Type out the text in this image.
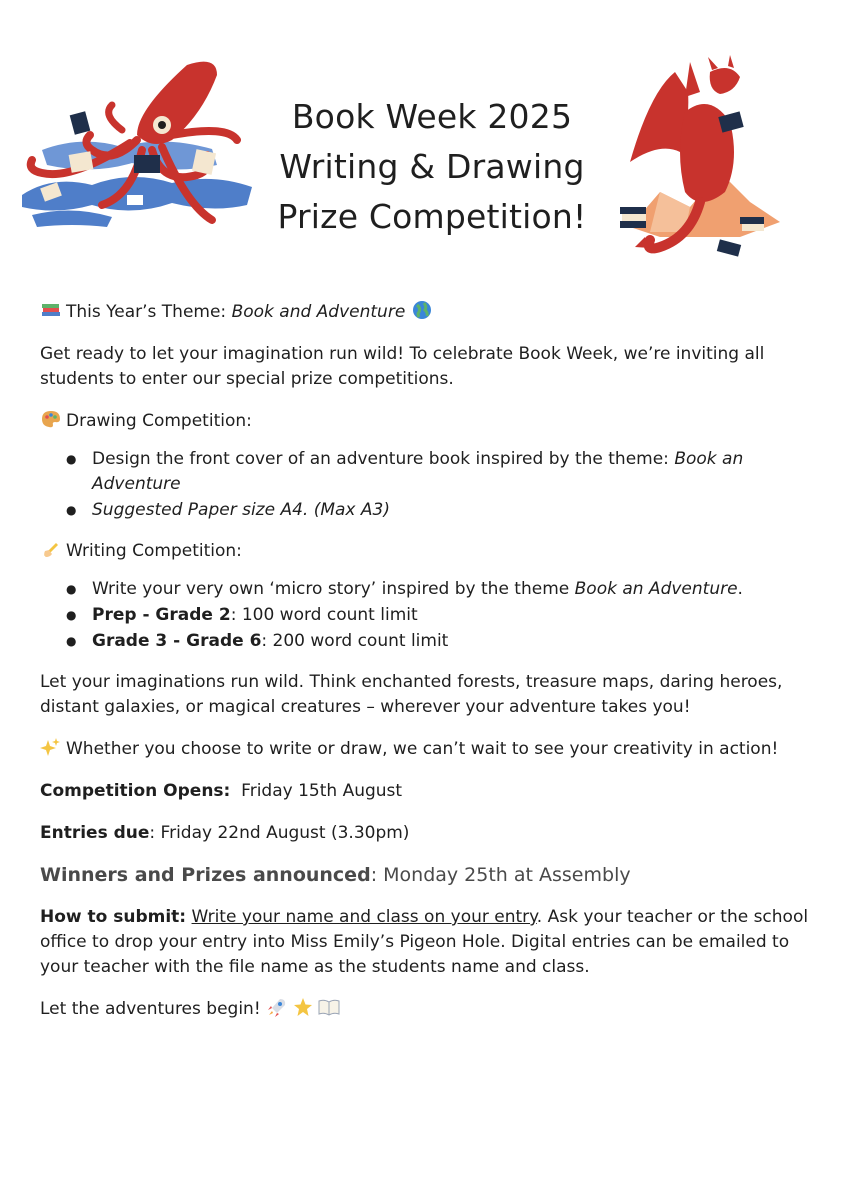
Book Week 2025
Writing & Drawing
Prize Competition!

This Year’s Theme: Book and Adventure

Get ready to let your imagination run wild! To celebrate Book Week, we’re inviting all students to enter our special prize competitions.

Drawing Competition:

● Design the front cover of an adventure book inspired by the theme: Book an Adventure
● Suggested Paper size A4. (Max A3)

Writing Competition:

● Write your very own ‘micro story’ inspired by the theme Book an Adventure.
● Prep - Grade 2: 100 word count limit
● Grade 3 - Grade 6: 200 word count limit

Let your imaginations run wild. Think enchanted forests, treasure maps, daring heroes, distant galaxies, or magical creatures – wherever your adventure takes you!

Whether you choose to write or draw, we can’t wait to see your creativity in action!

Competition Opens:  Friday 15th August

Entries due: Friday 22nd August (3.30pm)

Winners and Prizes announced: Monday 25th at Assembly

How to submit: Write your name and class on your entry. Ask your teacher or the school office to drop your entry into Miss Emily’s Pigeon Hole. Digital entries can be emailed to your teacher with the file name as the students name and class.

Let the adventures begin!
